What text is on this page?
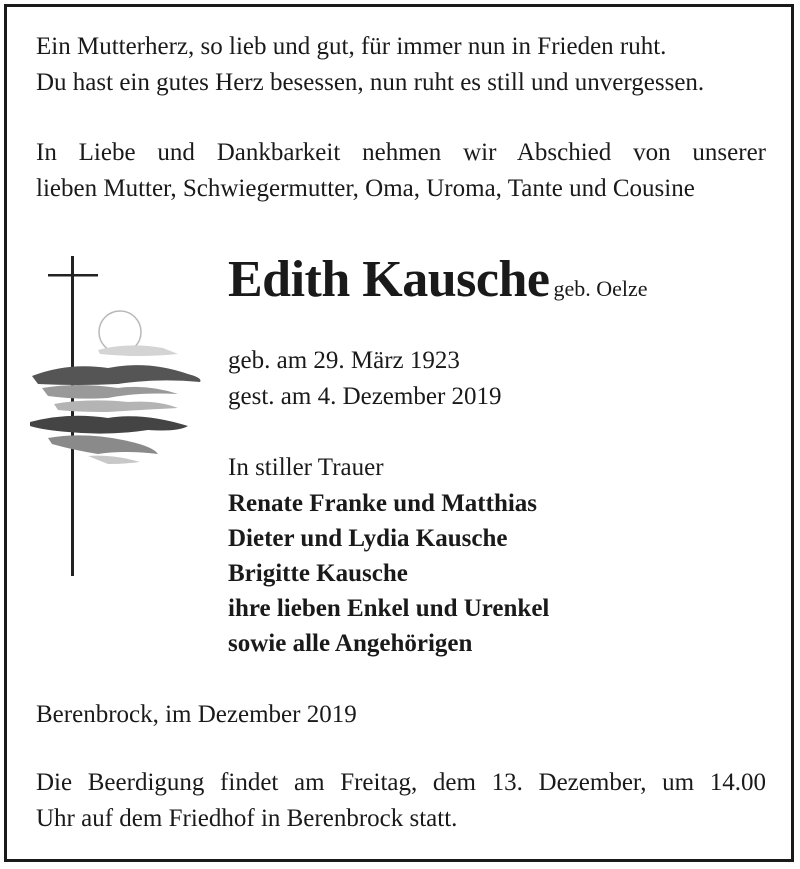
Ein Mutterherz, so lieb und gut, für immer nun in Frieden ruht.

Du hast ein gutes Herz besessen, nun ruht es still und unvergessen.

In Liebe und Dankbarkeit nehmen wir Abschied von unserer

lieben Mutter, Schwiegermutter, Oma, Uroma, Tante und Cousine

Edith Kausche geb. Oelze

geb. am 29. März 1923

gest. am 4. Dezember 2019

In stiller Trauer

Renate Franke und Matthias

Dieter und Lydia Kausche

Brigitte Kausche

ihre lieben Enkel und Urenkel

sowie alle Angehörigen

Berenbrock, im Dezember 2019

Die Beerdigung findet am Freitag, dem 13. Dezember, um 14.00

Uhr auf dem Friedhof in Berenbrock statt.
